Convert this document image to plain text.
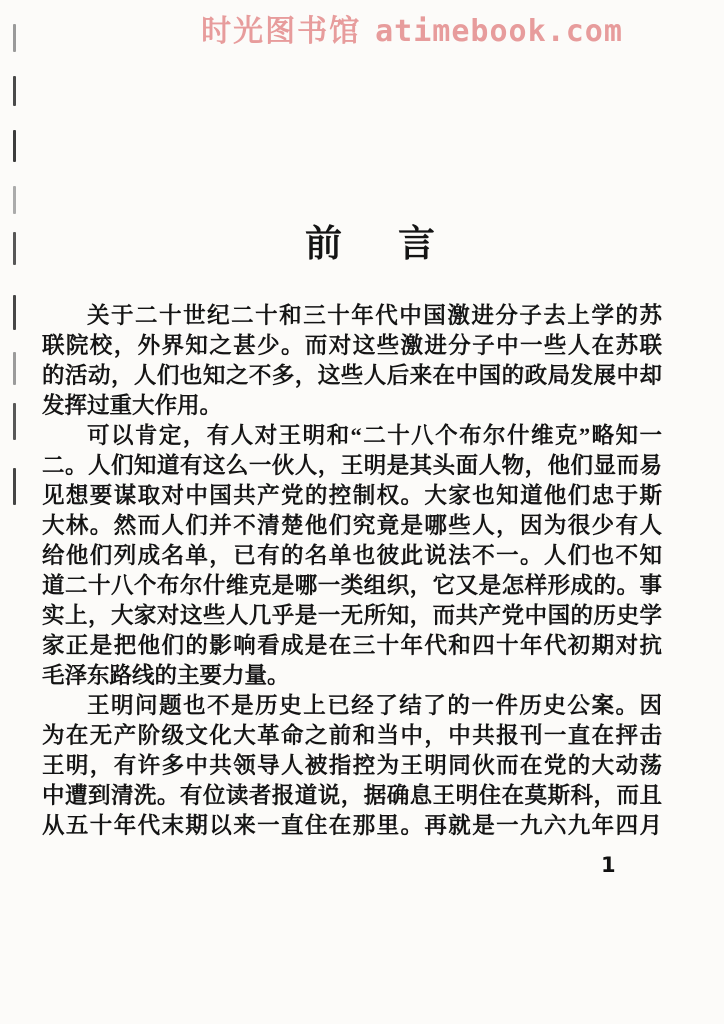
时光图书馆 atimebook.com
前 言
关于二十世纪二十和三十年代中国激进分子去上学的苏
联院校，外界知之甚少。而对这些激进分子中一些人在苏联
的活动，人们也知之不多，这些人后来在中国的政局发展中却
发挥过重大作用。
可以肯定，有人对王明和“二十八个布尔什维克”略知一
二。人们知道有这么一伙人，王明是其头面人物，他们显而易
见想要谋取对中国共产党的控制权。大家也知道他们忠于斯
大林。然而人们并不清楚他们究竟是哪些人，因为很少有人
给他们列成名单，已有的名单也彼此说法不一。人们也不知
道二十八个布尔什维克是哪一类组织，它又是怎样形成的。事
实上，大家对这些人几乎是一无所知，而共产党中国的历史学
家正是把他们的影响看成是在三十年代和四十年代初期对抗
毛泽东路线的主要力量。
王明问题也不是历史上已经了结了的一件历史公案。因
为在无产阶级文化大革命之前和当中，中共报刊一直在抨击
王明，有许多中共领导人被指控为王明同伙而在党的大动荡
中遭到清洗。有位读者报道说，据确息王明住在莫斯科，而且
从五十年代末期以来一直住在那里。再就是一九六九年四月
1
